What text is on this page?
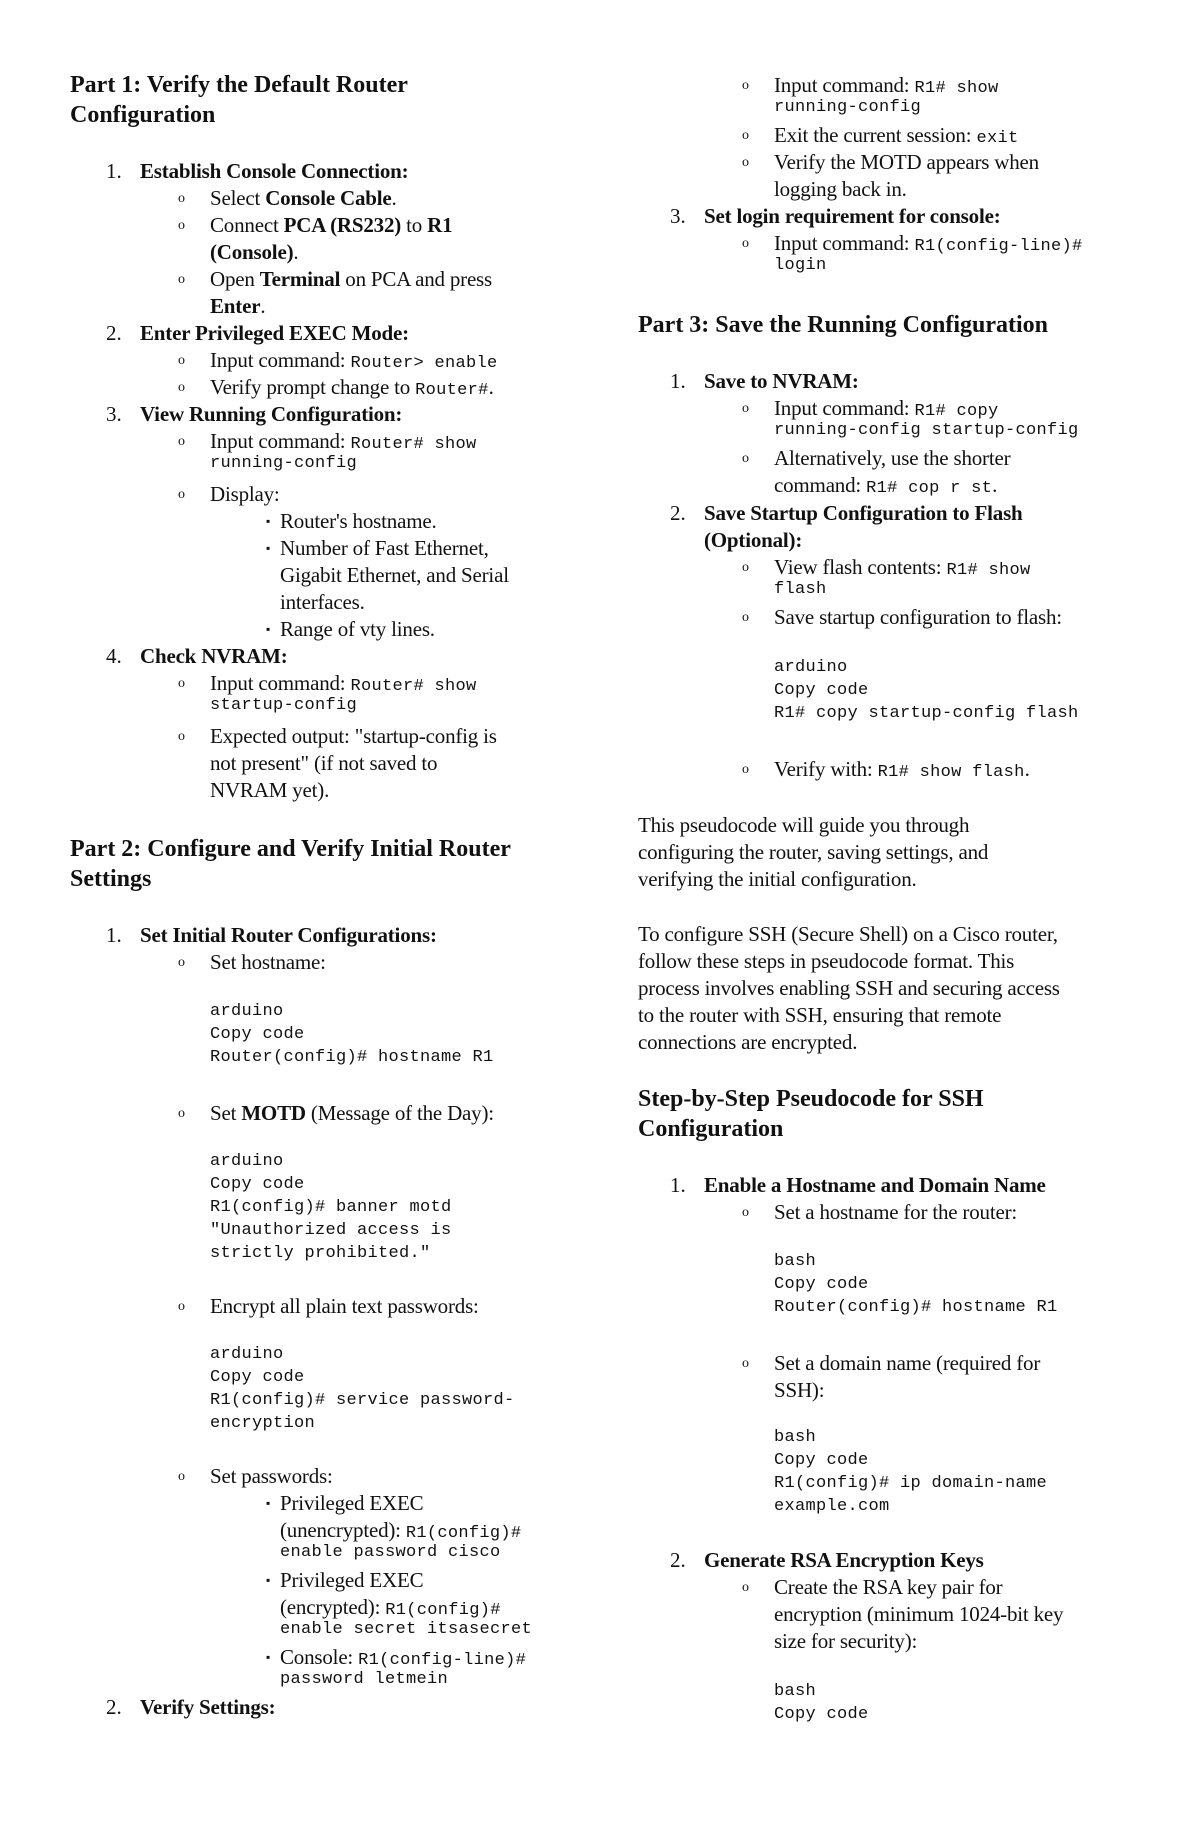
Part 1: Verify the Default Router
Configuration
1. Establish Console Connection:
o Select Console Cable.
o Connect PCA (RS232) to R1
(Console).
o Open Terminal on PCA and press
Enter.
2. Enter Privileged EXEC Mode:
o Input command: Router> enable
o Verify prompt change to Router#.
3. View Running Configuration:
o Input command: Router# show
running-config
o Display:
▪ Router's hostname.
▪ Number of Fast Ethernet,
Gigabit Ethernet, and Serial
interfaces.
▪ Range of vty lines.
4. Check NVRAM:
o Input command: Router# show
startup-config
o Expected output: "startup-config is
not present" (if not saved to
NVRAM yet).
Part 2: Configure and Verify Initial Router
Settings
1. Set Initial Router Configurations:
o Set hostname:
arduino
Copy code
Router(config)# hostname R1
o Set MOTD (Message of the Day):
arduino
Copy code
R1(config)# banner motd
"Unauthorized access is
strictly prohibited."
o Encrypt all plain text passwords:
arduino
Copy code
R1(config)# service password-
encryption
o Set passwords:
▪ Privileged EXEC
(unencrypted): R1(config)#
enable password cisco
▪ Privileged EXEC
(encrypted): R1(config)#
enable secret itsasecret
▪ Console: R1(config-line)#
password letmein
2. Verify Settings:
o Input command: R1# show
running-config
o Exit the current session: exit
o Verify the MOTD appears when
logging back in.
3. Set login requirement for console:
o Input command: R1(config-line)#
login
Part 3: Save the Running Configuration
1. Save to NVRAM:
o Input command: R1# copy
running-config startup-config
o Alternatively, use the shorter
command: R1# cop r st.
2. Save Startup Configuration to Flash
(Optional):
o View flash contents: R1# show
flash
o Save startup configuration to flash:
arduino
Copy code
R1# copy startup-config flash
o Verify with: R1# show flash.
This pseudocode will guide you through
configuring the router, saving settings, and
verifying the initial configuration.
To configure SSH (Secure Shell) on a Cisco router,
follow these steps in pseudocode format. This
process involves enabling SSH and securing access
to the router with SSH, ensuring that remote
connections are encrypted.
Step-by-Step Pseudocode for SSH
Configuration
1. Enable a Hostname and Domain Name
o Set a hostname for the router:
bash
Copy code
Router(config)# hostname R1
o Set a domain name (required for
SSH):
bash
Copy code
R1(config)# ip domain-name
example.com
2. Generate RSA Encryption Keys
o Create the RSA key pair for
encryption (minimum 1024-bit key
size for security):
bash
Copy code
